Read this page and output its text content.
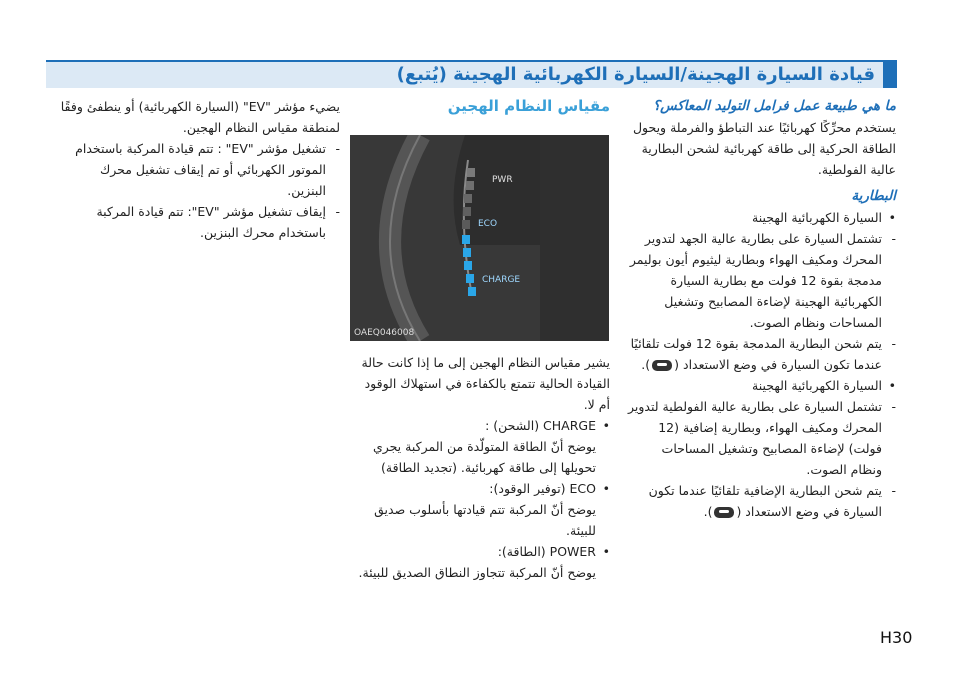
قيادة السيارة الهجينة/السيارة الكهربائية الهجينة (يُتبع)

ما هي طبيعة عمل فرامل التوليد المعاكس؟

يستخدم محرِّكًا كهربائيًا عند التباطؤ والفرملة ويحول الطاقة الحركية إلى طاقة كهربائية لشحن البطارية عالية الفولطية.

البطارية

• السيارة الكهربائية الهجينة

- تشتمل السيارة على بطارية عالية الجهد لتدوير المحرك ومكيف الهواء وبطارية ليثيوم أيون بوليمر مدمجة بقوة 12 فولت مع بطارية السيارة الكهربائية الهجينة لإضاءة المصابيح وتشغيل المساحات ونظام الصوت.

- يتم شحن البطارية المدمجة بقوة 12 فولت تلقائيًا عندما تكون السيارة في وضع الاستعداد ().

• السيارة الكهربائية الهجينة

- تشتمل السيارة على بطارية عالية الفولطية لتدوير المحرك ومكيف الهواء، وبطارية إضافية (12 فولت) لإضاءة المصابيح وتشغيل المساحات ونظام الصوت.

- يتم شحن البطارية الإضافية تلقائيًا عندما تكون السيارة في وضع الاستعداد ().

مقياس النظام الهجين

PWR
ECO
CHARGE
OAEQ046008

يشير مقياس النظام الهجين إلى ما إذا كانت حالة القيادة الحالية تتمتع بالكفاءة في استهلاك الوقود أم لا.

• CHARGE (الشحن) :

يوضح أنّ الطاقة المتولّدة من المركبة يجري تحويلها إلى طاقة كهربائية. (تجديد الطاقة)

• ECO (توفير الوقود):

يوضح أنّ المركبة تتم قيادتها بأسلوب صديق للبيئة.

• POWER (الطاقة):

يوضح أنّ المركبة تتجاوز النطاق الصديق للبيئة.

يضيء مؤشر "EV" (السيارة الكهربائية) أو ينطفئ وفقًا لمنطقة مقياس النظام الهجين.

- تشغيل مؤشر "EV" : تتم قيادة المركبة باستخدام الموتور الكهربائي أو تم إيقاف تشغيل محرك البنزين.

- إيقاف تشغيل مؤشر "EV": تتم قيادة المركبة باستخدام محرك البنزين.

H30
